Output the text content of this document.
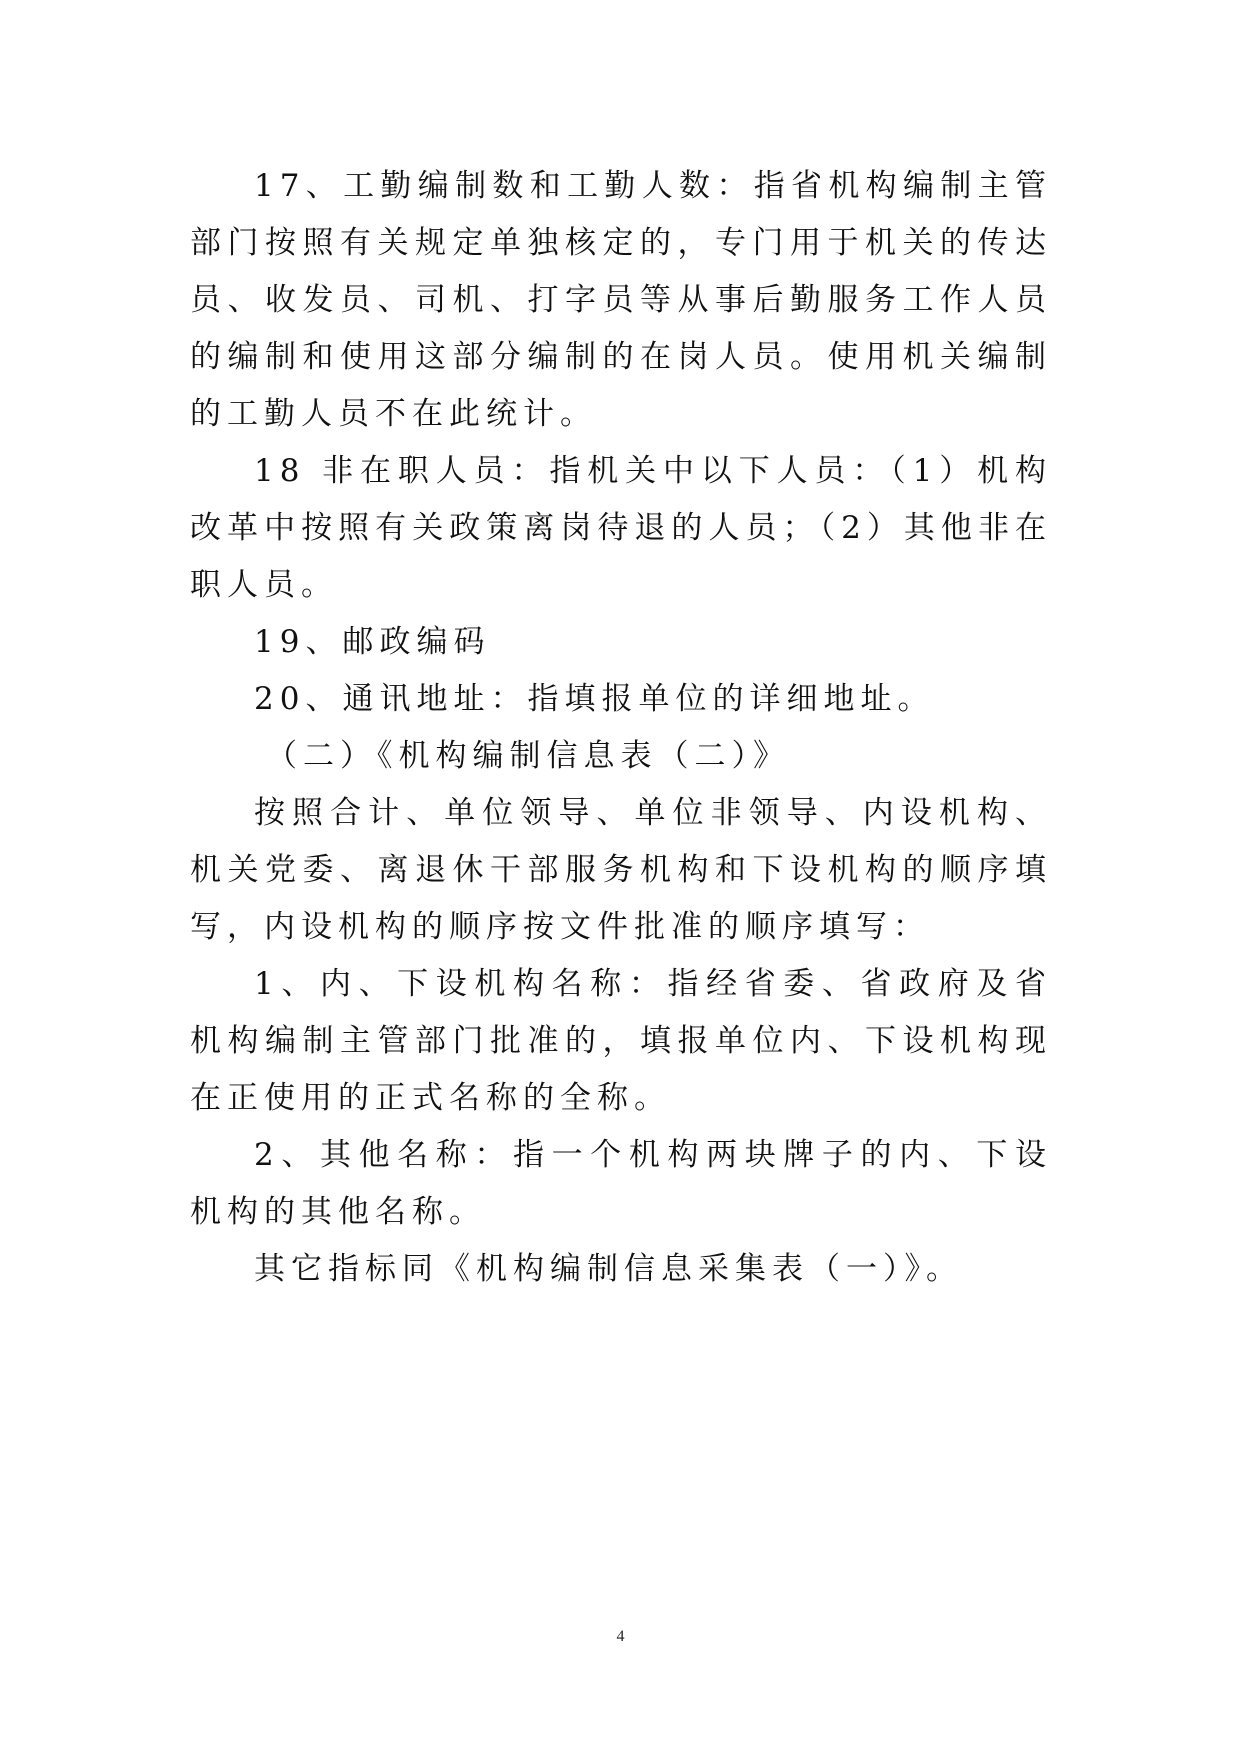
17、工勤编制数和工勤人数：指省机构编制主管部门按照有关规定单独核定的，专门用于机关的传达员、收发员、司机、打字员等从事后勤服务工作人员的编制和使用这部分编制的在岗人员。使用机关编制的工勤人员不在此统计。

18 非在职人员：指机关中以下人员：（1）机构改革中按照有关政策离岗待退的人员；（2）其他非在职人员。

19、邮政编码

20、通讯地址：指填报单位的详细地址。

（二）《机构编制信息表（二）》

按照合计、单位领导、单位非领导、内设机构、机关党委、离退休干部服务机构和下设机构的顺序填写，内设机构的顺序按文件批准的顺序填写：

1、内、下设机构名称：指经省委、省政府及省机构编制主管部门批准的，填报单位内、下设机构现在正使用的正式名称的全称。

2、其他名称：指一个机构两块牌子的内、下设机构的其他名称。

其它指标同《机构编制信息采集表（一）》。

4
